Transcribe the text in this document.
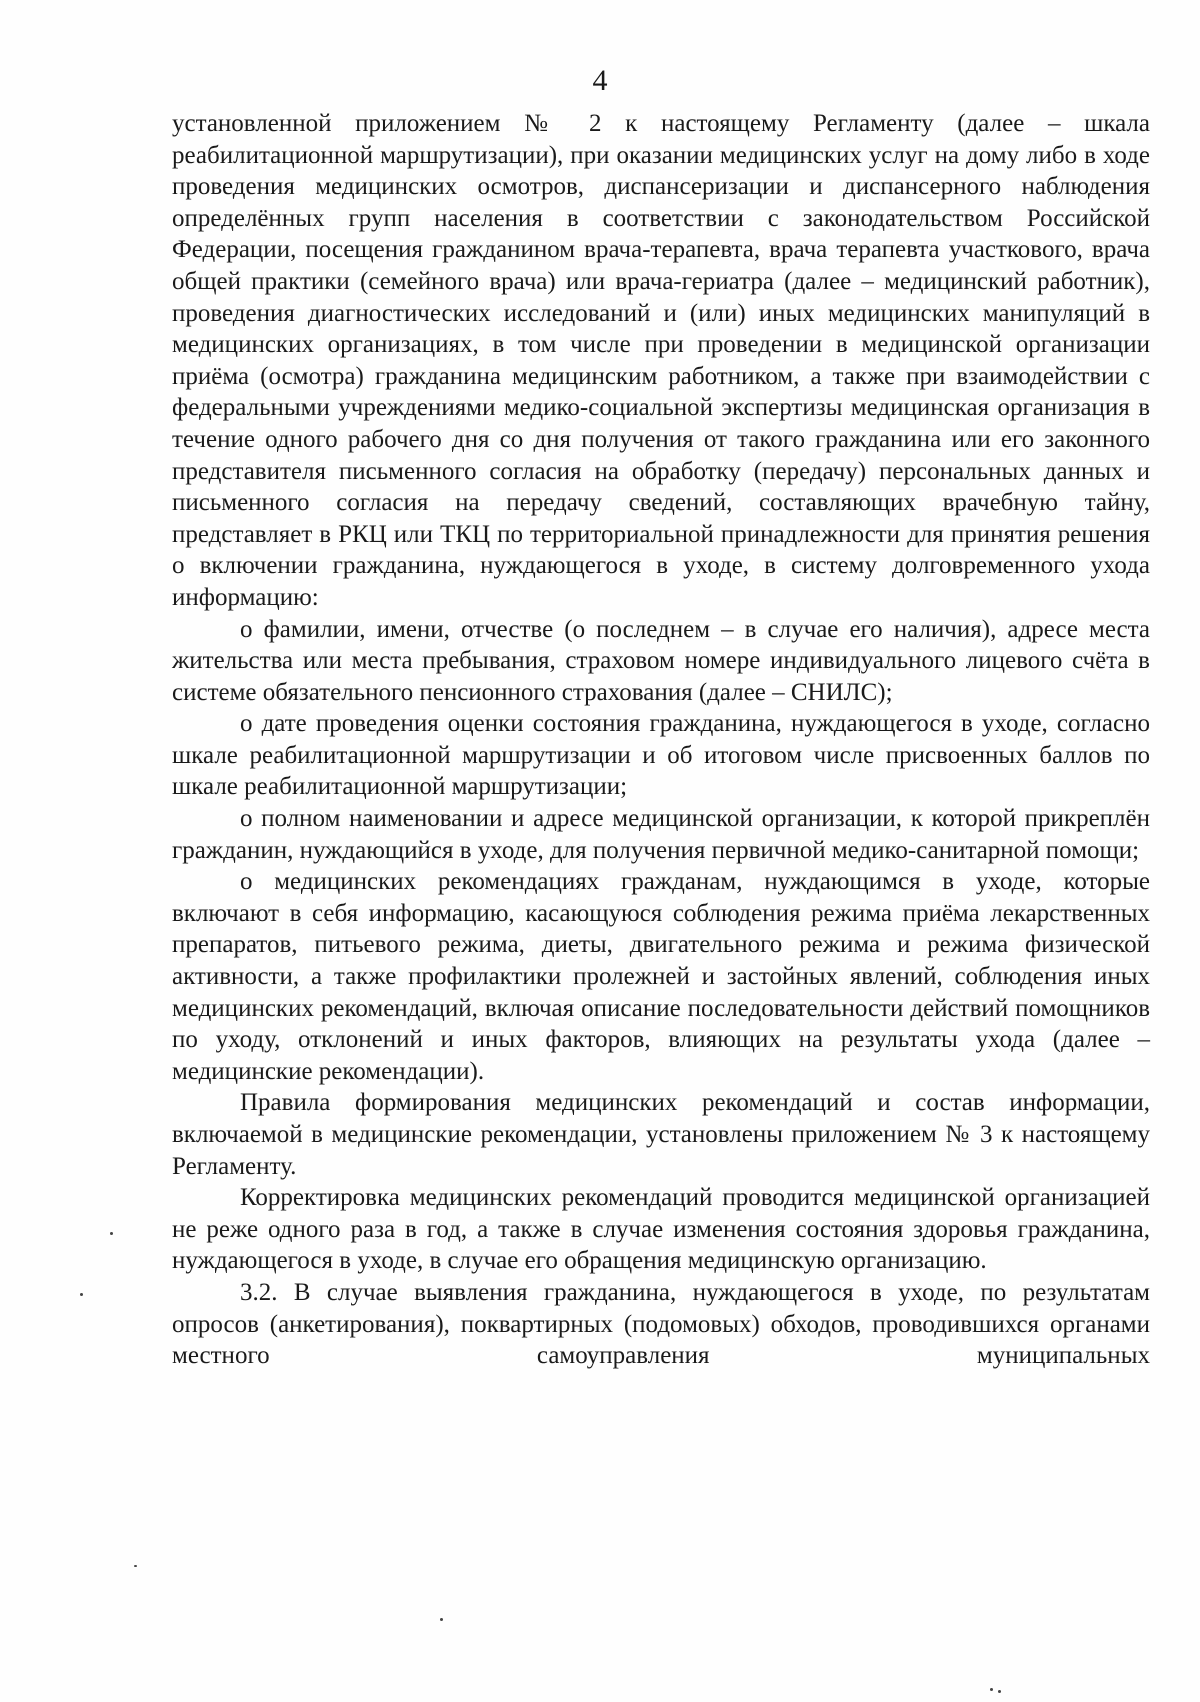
4

установленной приложением № 2 к настоящему Регламенту (далее – шкала реабилитационной маршрутизации), при оказании медицинских услуг на дому либо в ходе проведения медицинских осмотров, диспансеризации и диспансерного наблюдения определённых групп населения в соответствии с законодательством Российской Федерации, посещения гражданином врача-терапевта, врача терапевта участкового, врача общей практики (семейного врача) или врача-гериатра (далее – медицинский работник), проведения диагностических исследований и (или) иных медицинских манипуляций в медицинских организациях, в том числе при проведении в медицинской организации приёма (осмотра) гражданина медицинским работником, а также при взаимодействии с федеральными учреждениями медико-социальной экспертизы медицинская организация в течение одного рабочего дня со дня получения от такого гражданина или его законного представителя письменного согласия на обработку (передачу) персональных данных и письменного согласия на передачу сведений, составляющих врачебную тайну, представляет в РКЦ или ТКЦ по территориальной принадлежности для принятия решения о включении гражданина, нуждающегося в уходе, в систему долговременного ухода информацию:

о фамилии, имени, отчестве (о последнем – в случае его наличия), адресе места жительства или места пребывания, страховом номере индивидуального лицевого счёта в системе обязательного пенсионного страхования (далее – СНИЛС);

о дате проведения оценки состояния гражданина, нуждающегося в уходе, согласно шкале реабилитационной маршрутизации и об итоговом числе присвоенных баллов по шкале реабилитационной маршрутизации;

о полном наименовании и адресе медицинской организации, к которой прикреплён гражданин, нуждающийся в уходе, для получения первичной медико-санитарной помощи;

о медицинских рекомендациях гражданам, нуждающимся в уходе, которые включают в себя информацию, касающуюся соблюдения режима приёма лекарственных препаратов, питьевого режима, диеты, двигательного режима и режима физической активности, а также профилактики пролежней и застойных явлений, соблюдения иных медицинских рекомендаций, включая описание последовательности действий помощников по уходу, отклонений и иных факторов, влияющих на результаты ухода (далее – медицинские рекомендации).

Правила формирования медицинских рекомендаций и состав информации, включаемой в медицинские рекомендации, установлены приложением № 3 к настоящему Регламенту.

Корректировка медицинских рекомендаций проводится медицинской организацией не реже одного раза в год, а также в случае изменения состояния здоровья гражданина, нуждающегося в уходе, в случае его обращения медицинскую организацию.

3.2. В случае выявления гражданина, нуждающегося в уходе, по результатам опросов (анкетирования), поквартирных (подомовых) обходов, проводившихся органами местного самоуправления муниципальных
